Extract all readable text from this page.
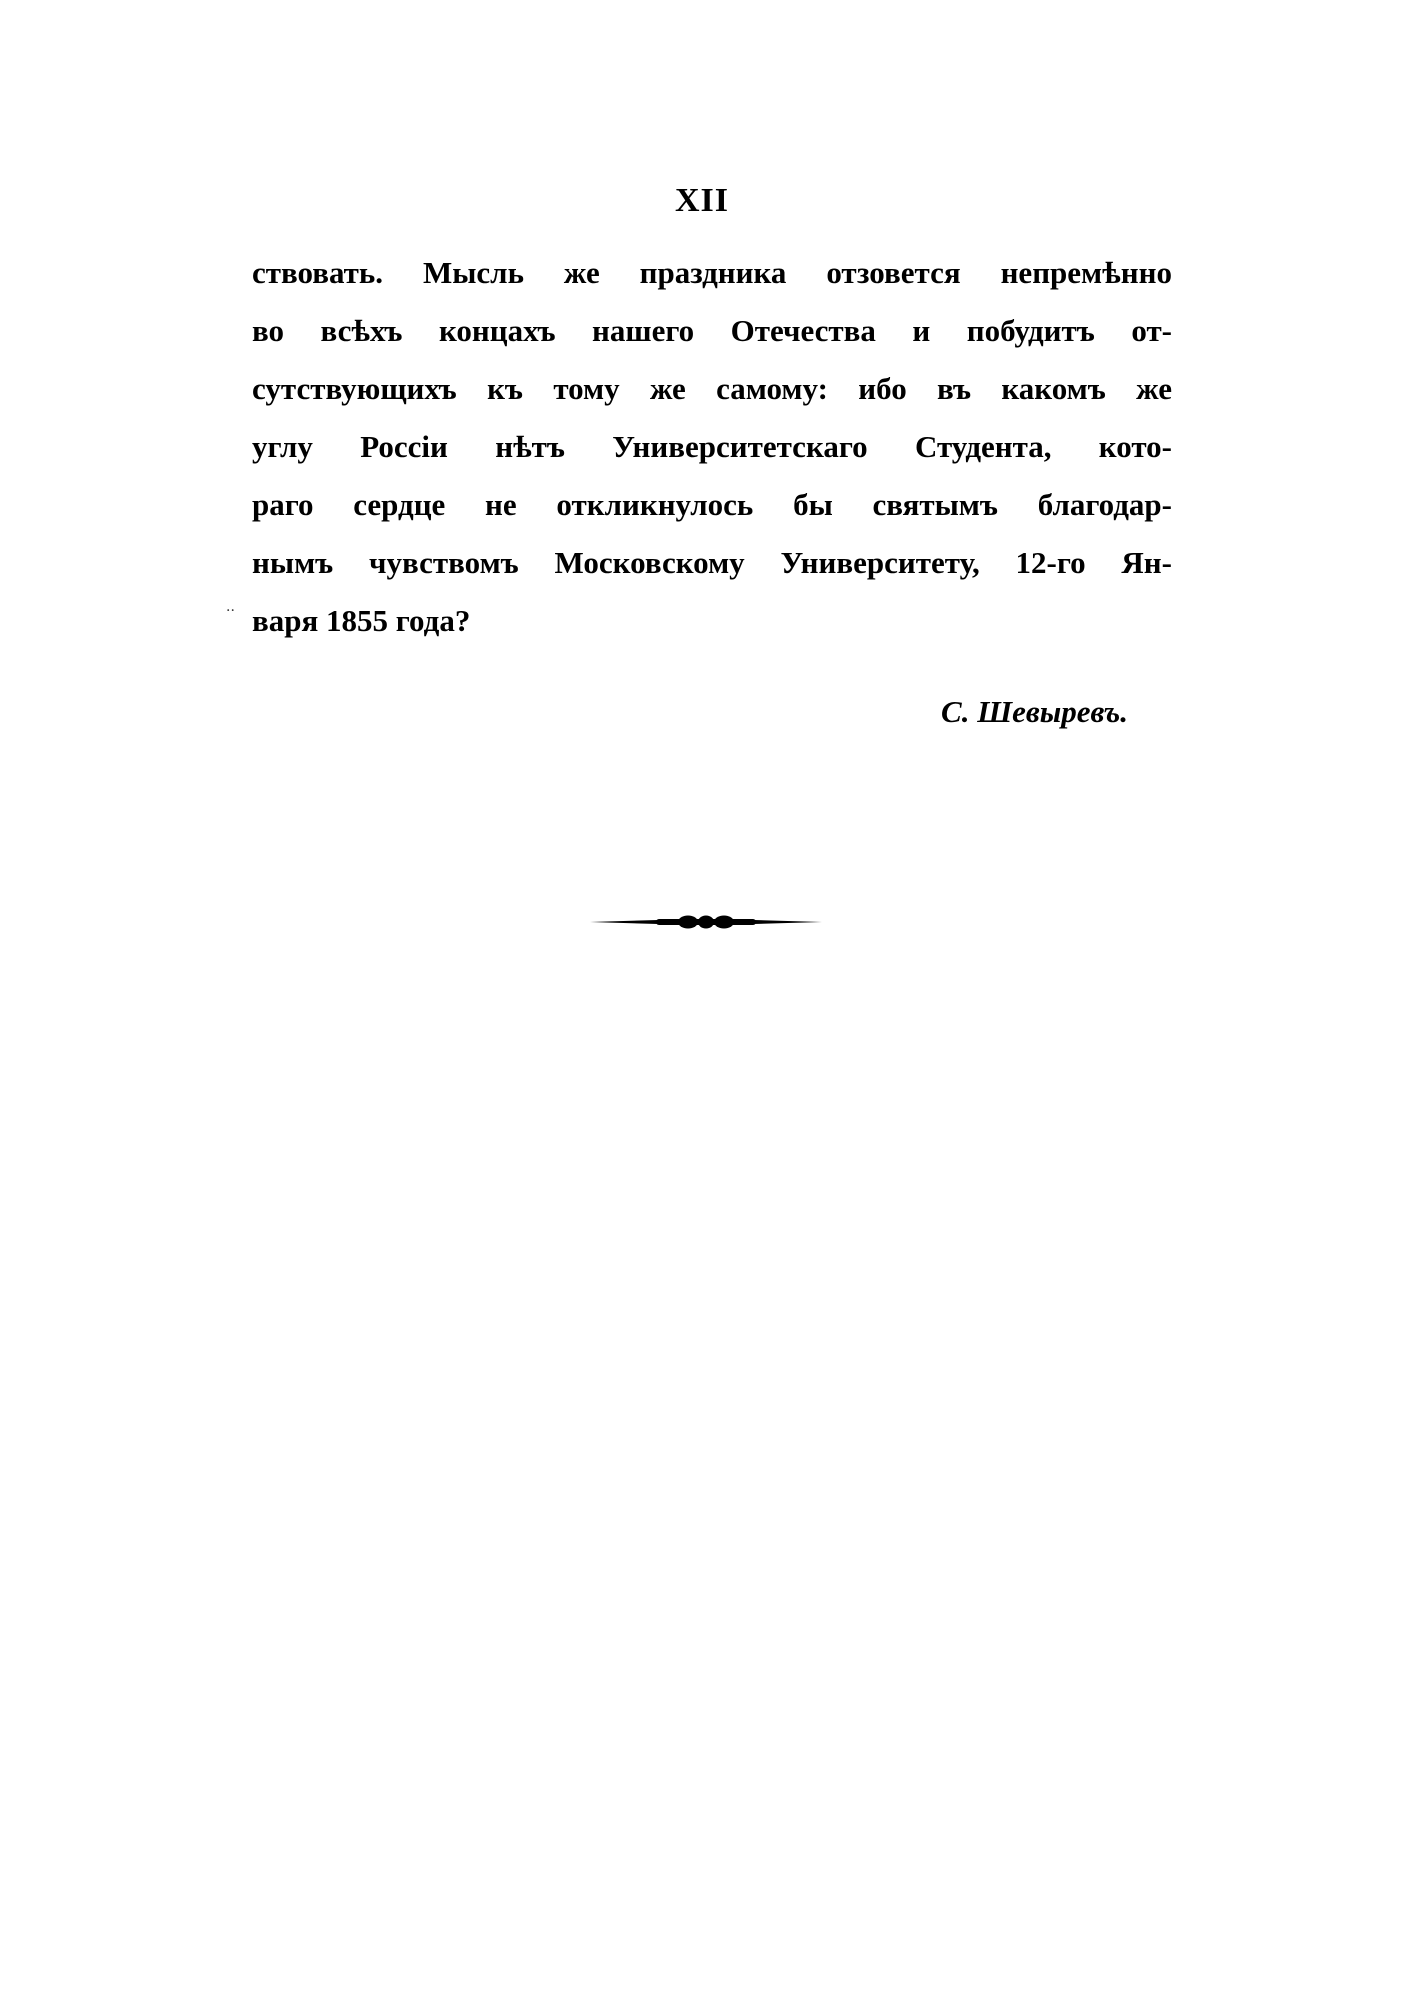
XII
ствовать. Мысль же праздника отзовется непремѣнно
во всѣхъ концахъ нашего Отечества и побудитъ от-
сутствующихъ къ тому же самому: ибо въ какомъ же
углу Россіи нѣтъ Университетскаго Студента, кото-
раго сердце не откликнулось бы святымъ благодар-
нымъ чувствомъ Московскому Университету, 12-го Ян-
варя 1855 года?
··
С. Шевыревъ.
